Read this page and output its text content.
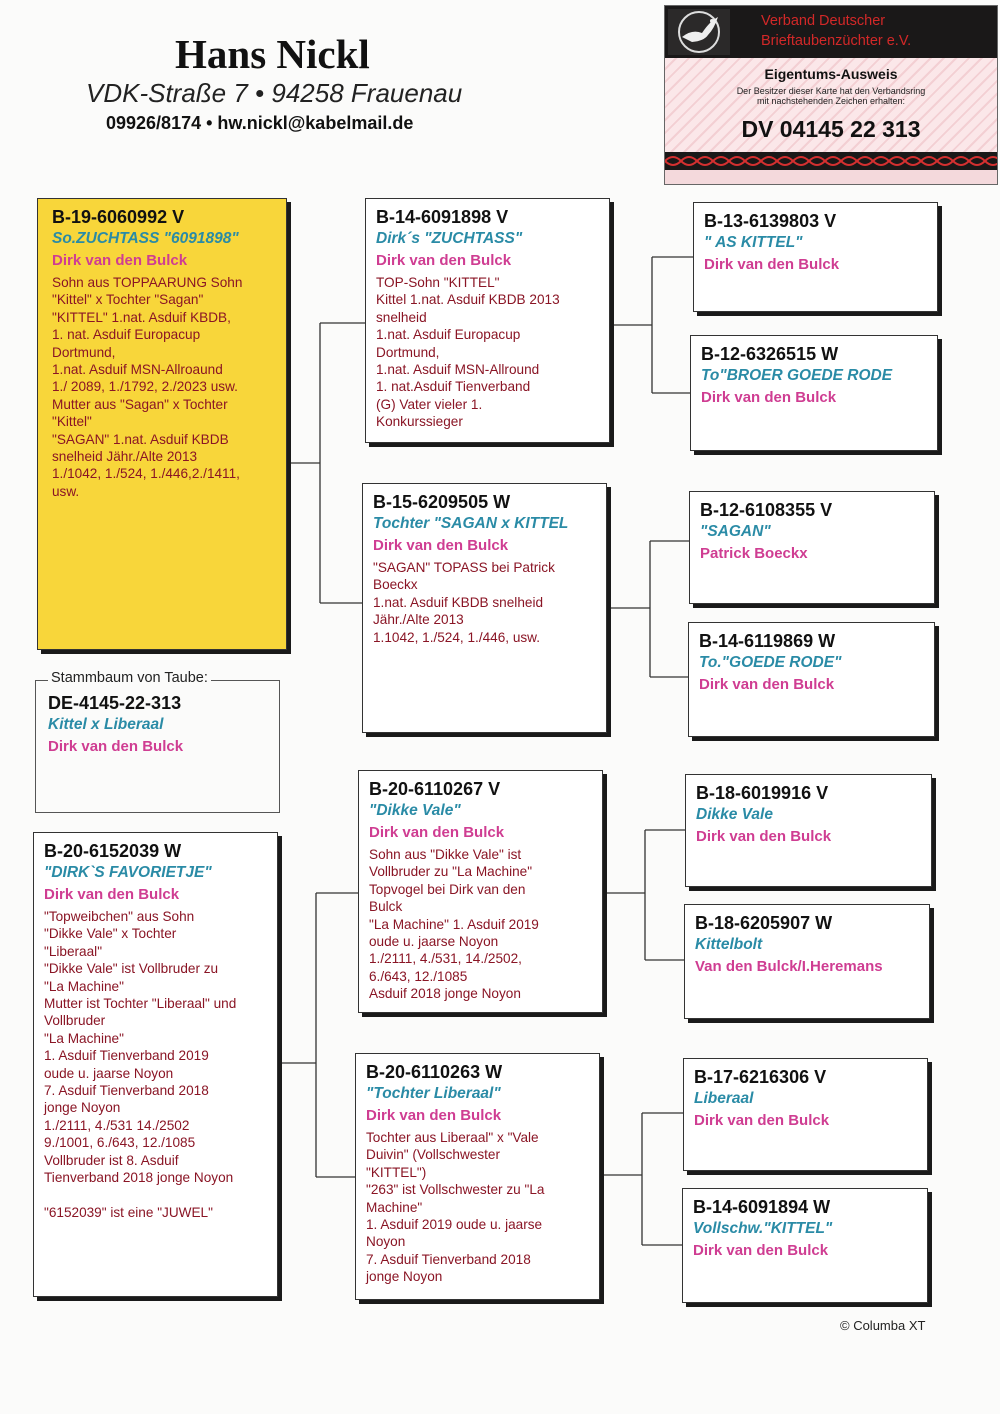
Hans Nickl
VDK-Straße 7 • 94258 Frauenau
09926/8174 • hw.nickl@kabelmail.de
Verband Deutscher
Brieftaubenzüchter e.V.
Eigentums-Ausweis
Der Besitzer dieser Karte hat den Verbandsring
mit nachstehenden Zeichen erhalten:
DV 04145 22 313
B-19-6060992 V
So.ZUCHTASS "6091898"
Dirk van den Bulck
Sohn aus TOPPAARUNG Sohn
"Kittel" x Tochter "Sagan"
"KITTEL" 1.nat. Asduif KBDB,
1. nat. Asduif Europacup
Dortmund,
1.nat. Asduif MSN-Allroaund
1./ 2089, 1./1792, 2./2023 usw.
Mutter aus "Sagan" x Tochter
"Kittel"
"SAGAN" 1.nat. Asduif KBDB
snelheid Jähr./Alte 2013
1./1042, 1./524, 1./446,2./1411,
usw.
DE-4145-22-313
Kittel x Liberaal
Dirk van den Bulck
Stammbaum von Taube:
B-20-6152039 W
"DIRK`S FAVORIETJE"
Dirk van den Bulck
"Topweibchen" aus Sohn
"Dikke Vale" x Tochter
"Liberaal"
"Dikke Vale" ist Vollbruder zu
"La Machine"
Mutter ist Tochter "Liberaal" und
Vollbruder
"La Machine"
1. Asduif Tienverband 2019
oude u. jaarse Noyon
7. Asduif Tienverband 2018
jonge Noyon
1./2111, 4./531 14./2502
9./1001, 6./643, 12./1085
Vollbruder ist 8. Asduif
Tienverband 2018 jonge Noyon

"6152039" ist eine "JUWEL"
B-14-6091898 V
Dirk´s "ZUCHTASS"
Dirk van den Bulck
TOP-Sohn "KITTEL"
Kittel 1.nat. Asduif KBDB 2013
snelheid
1.nat. Asduif Europacup
Dortmund,
1.nat. Asduif MSN-Allround
1. nat.Asduif Tienverband
(G) Vater vieler 1.
Konkurssieger
B-15-6209505 W
Tochter "SAGAN x KITTEL
Dirk van den Bulck
"SAGAN" TOPASS bei Patrick
Boeckx
1.nat. Asduif KBDB snelheid
Jähr./Alte 2013
1.1042, 1./524, 1./446, usw.
B-20-6110267 V
"Dikke Vale"
Dirk van den Bulck
Sohn aus "Dikke Vale" ist
Vollbruder zu "La Machine"
Topvogel bei Dirk van den
Bulck
"La Machine" 1. Asduif 2019
oude u. jaarse Noyon
1./2111, 4./531, 14./2502,
6./643, 12./1085
Asduif 2018 jonge Noyon
B-20-6110263 W
"Tochter Liberaal"
Dirk van den Bulck
Tochter aus Liberaal" x "Vale
Duivin" (Vollschwester
"KITTEL")
"263" ist Vollschwester zu "La
Machine"
1. Asduif 2019 oude u. jaarse
Noyon
7. Asduif Tienverband 2018
jonge Noyon
B-13-6139803 V
" AS KITTEL"
Dirk van den Bulck
B-12-6326515 W
To"BROER GOEDE RODE
Dirk van den Bulck
B-12-6108355 V
"SAGAN"
Patrick Boeckx
B-14-6119869 W
To."GOEDE RODE"
Dirk van den Bulck
B-18-6019916 V
Dikke Vale
Dirk van den Bulck
B-18-6205907 W
Kittelbolt
Van den Bulck/I.Heremans
B-17-6216306 V
Liberaal
Dirk van den Bulck
B-14-6091894 W
Vollschw."KITTEL"
Dirk van den Bulck
© Columba XT
